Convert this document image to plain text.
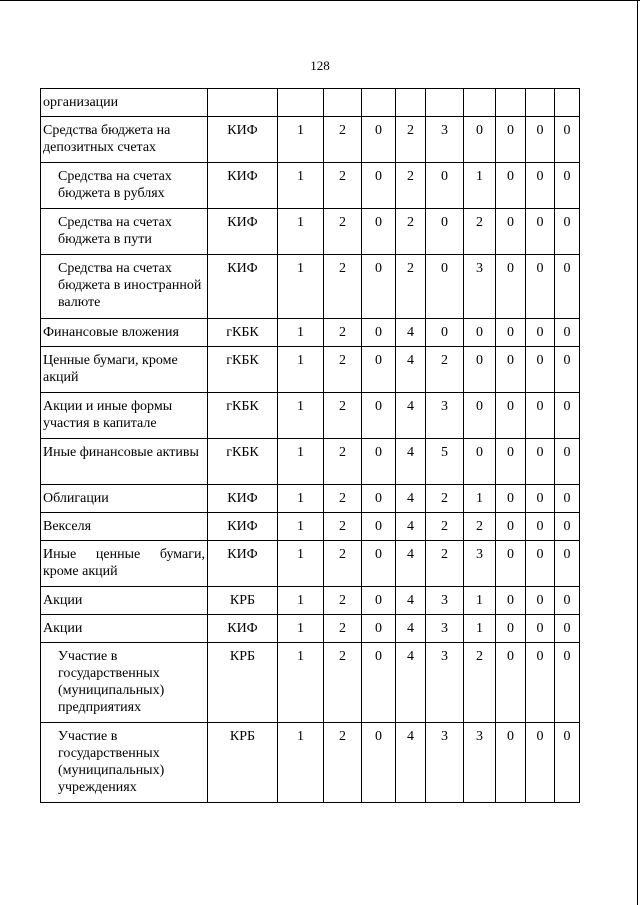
128
организации										
Средства бюджета на депозитных счетах	КИФ	1	2	0	2	3	0	0	0	0
Средства на счетах бюджета в рублях	КИФ	1	2	0	2	0	1	0	0	0
Средства на счетах бюджета в пути	КИФ	1	2	0	2	0	2	0	0	0
Средства на счетах бюджета в иностранной валюте	КИФ	1	2	0	2	0	3	0	0	0
Финансовые вложения	гКБК	1	2	0	4	0	0	0	0	0
Ценные бумаги, кроме акций	гКБК	1	2	0	4	2	0	0	0	0
Акции и иные формы участия в капитале	гКБК	1	2	0	4	3	0	0	0	0
Иные финансовые активы	гКБК	1	2	0	4	5	0	0	0	0
Облигации	КИФ	1	2	0	4	2	1	0	0	0
Векселя	КИФ	1	2	0	4	2	2	0	0	0
Иные ценные бумаги, кроме акций	КИФ	1	2	0	4	2	3	0	0	0
Акции	КРБ	1	2	0	4	3	1	0	0	0
Акции	КИФ	1	2	0	4	3	1	0	0	0
Участие в государственных (муниципальных) предприятиях	КРБ	1	2	0	4	3	2	0	0	0
Участие в государственных (муниципальных) учреждениях	КРБ	1	2	0	4	3	3	0	0	0
